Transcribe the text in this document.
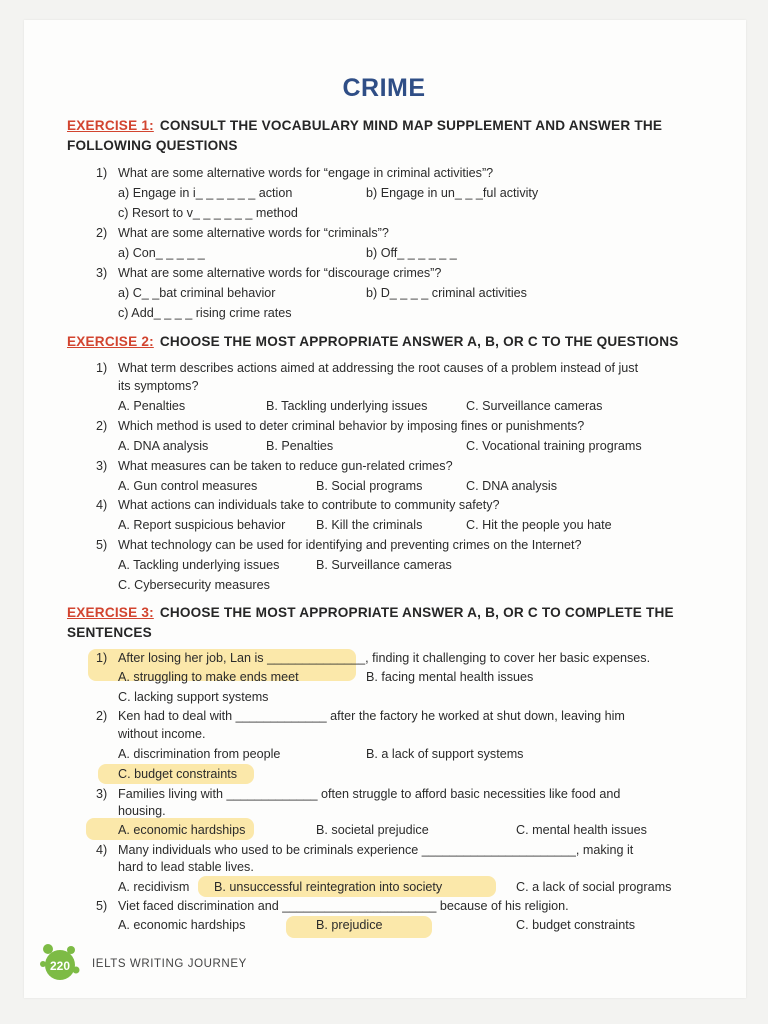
CRIME
EXERCISE 1: CONSULT THE VOCABULARY MIND MAP SUPPLEMENT AND ANSWER THE
FOLLOWING QUESTIONS
1) What are some alternative words for “engage in criminal activities”?
a) Engage in i_ _ _ _ _ _ action	b) Engage in un_ _ _ful activity
c) Resort to v_ _ _ _ _ _ method
2) What are some alternative words for “criminals”?
a) Con_ _ _ _ _	b) Off_ _ _ _ _ _
3) What are some alternative words for “discourage crimes”?
a) C_ _bat criminal behavior	b) D_ _ _ _ criminal activities
c) Add_ _ _ _ rising crime rates
EXERCISE 2: CHOOSE THE MOST APPROPRIATE ANSWER A, B, OR C TO THE QUESTIONS
1) What term describes actions aimed at addressing the root causes of a problem instead of just
its symptoms?
A. Penalties	B. Tackling underlying issues	C. Surveillance cameras
2) Which method is used to deter criminal behavior by imposing fines or punishments?
A. DNA analysis	B. Penalties	C. Vocational training programs
3) What measures can be taken to reduce gun-related crimes?
A. Gun control measures	B. Social programs	C. DNA analysis
4) What actions can individuals take to contribute to community safety?
A. Report suspicious behavior B. Kill the criminals	C. Hit the people you hate
5) What technology can be used for identifying and preventing crimes on the Internet?
A. Tackling underlying issues	B. Surveillance cameras
C. Cybersecurity measures
EXERCISE 3: CHOOSE THE MOST APPROPRIATE ANSWER A, B, OR C TO COMPLETE THE
SENTENCES
1) After losing her job, Lan is ______________, finding it challenging to cover her basic expenses.
A. struggling to make ends meet	B. facing mental health issues
C. lacking support systems
2) Ken had to deal with _____________ after the factory he worked at shut down, leaving him
without income.
A. discrimination from people	B. a lack of support systems
C. budget constraints
3) Families living with _____________ often struggle to afford basic necessities like food and
housing.
A. economic hardships	B. societal prejudice	C. mental health issues
4) Many individuals who used to be criminals experience ______________________, making it
hard to lead stable lives.
A. recidivism B. unsuccessful reintegration into society	C. a lack of social programs
5) Viet faced discrimination and ______________________ because of his religion.
A. economic hardships	B. prejudice	C. budget constraints
220 IELTS WRITING JOURNEY
